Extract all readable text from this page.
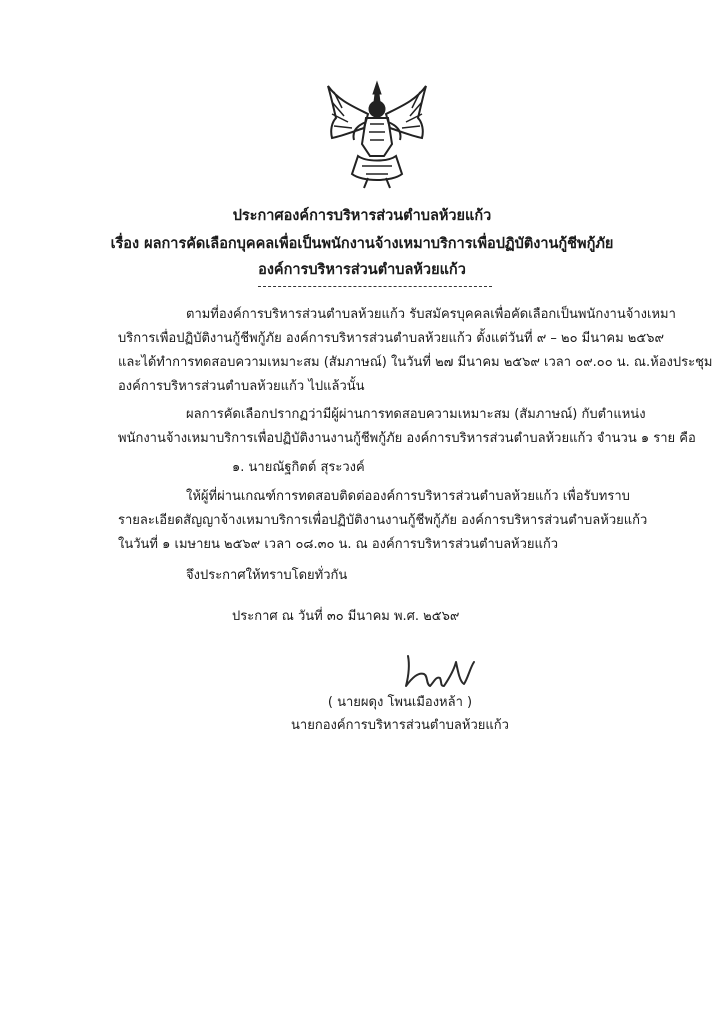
ประกาศองค์การบริหารส่วนตำบลห้วยแก้ว
เรื่อง ผลการคัดเลือกบุคคลเพื่อเป็นพนักงานจ้างเหมาบริการเพื่อปฏิบัติงานกู้ชีพกู้ภัย
องค์การบริหารส่วนตำบลห้วยแก้ว
ตามที่องค์การบริหารส่วนตำบลห้วยแก้ว รับสมัครบุคคลเพื่อคัดเลือกเป็นพนักงานจ้างเหมา
บริการเพื่อปฏิบัติงานกู้ชีพกู้ภัย องค์การบริหารส่วนตำบลห้วยแก้ว ตั้งแต่วันที่ ๙ – ๒๐ มีนาคม ๒๕๖๙
และได้ทำการทดสอบความเหมาะสม (สัมภาษณ์) ในวันที่ ๒๗ มีนาคม ๒๕๖๙ เวลา ๐๙.๐๐ น. ณ.ห้องประชุม
องค์การบริหารส่วนตำบลห้วยแก้ว ไปแล้วนั้น
ผลการคัดเลือกปรากฏว่ามีผู้ผ่านการทดสอบความเหมาะสม (สัมภาษณ์) กับตำแหน่ง
พนักงานจ้างเหมาบริการเพื่อปฏิบัติงานงานกู้ชีพกู้ภัย องค์การบริหารส่วนตำบลห้วยแก้ว จำนวน ๑ ราย คือ
๑. นายณัฐกิตต์ สุระวงค์
ให้ผู้ที่ผ่านเกณฑ์การทดสอบติดต่อองค์การบริหารส่วนตำบลห้วยแก้ว เพื่อรับทราบ
รายละเอียดสัญญาจ้างเหมาบริการเพื่อปฏิบัติงานงานกู้ชีพกู้ภัย องค์การบริหารส่วนตำบลห้วยแก้ว
ในวันที่ ๑ เมษายน ๒๕๖๙ เวลา ๐๘.๓๐ น. ณ องค์การบริหารส่วนตำบลห้วยแก้ว
จึงประกาศให้ทราบโดยทั่วกัน
ประกาศ ณ วันที่ ๓๐ มีนาคม พ.ศ. ๒๕๖๙
( นายผดุง โพนเมืองหล้า )
นายกองค์การบริหารส่วนตำบลห้วยแก้ว
